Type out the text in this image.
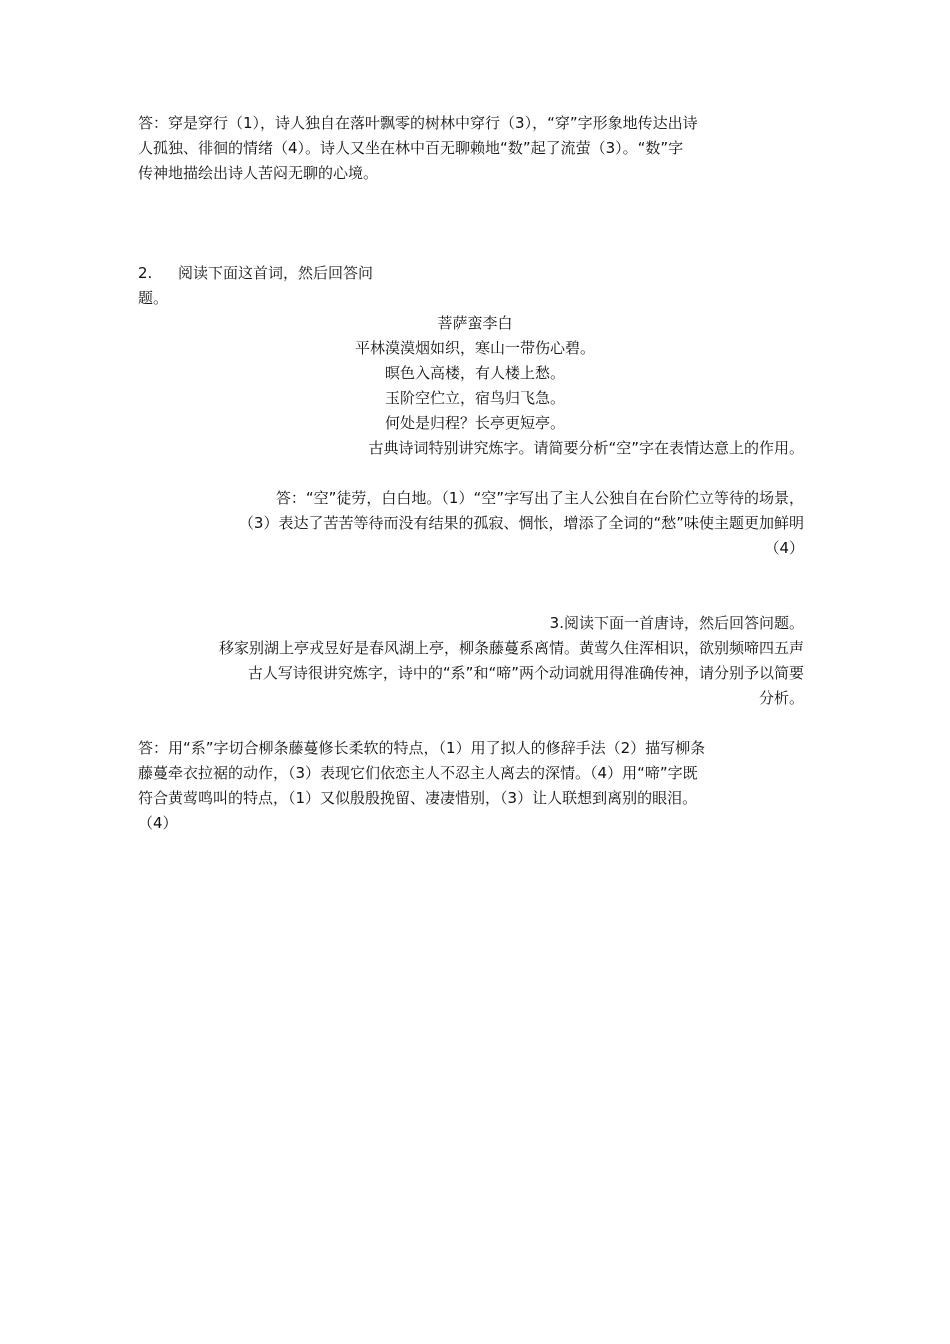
答：穿是穿行（1），诗人独自在落叶飘零的树林中穿行（3），“穿”字形象地传达出诗
人孤独、徘徊的情绪（4）。诗人又坐在林中百无聊赖地“数”起了流萤（3）。“数”字
传神地描绘出诗人苦闷无聊的心境。
2. 阅读下面这首词，然后回答问
题。
菩萨蛮李白
平林漠漠烟如织，寒山一带伤心碧。
暝色入高楼，有人楼上愁。
玉阶空伫立，宿鸟归飞急。
何处是归程？长亭更短亭。
古典诗词特别讲究炼字。请简要分析“空”字在表情达意上的作用。
答：“空”徒劳，白白地。（1）“空”字写出了主人公独自在台阶伫立等待的场景，
（3）表达了苦苦等待而没有结果的孤寂、惆怅，增添了全词的“愁”味使主题更加鲜明
（4）
3.阅读下面一首唐诗，然后回答问题。
移家别湖上亭戎昱好是春风湖上亭，柳条藤蔓系离情。黄莺久住浑相识，欲别频啼四五声
古人写诗很讲究炼字，诗中的“系”和“啼”两个动词就用得准确传神，请分别予以简要
分析。
答：用“系”字切合柳条藤蔓修长柔软的特点，（1）用了拟人的修辞手法（2）描写柳条
藤蔓牵衣拉裾的动作，（3）表现它们依恋主人不忍主人离去的深情。（4）用“啼”字既
符合黄莺鸣叫的特点，（1）又似殷殷挽留、凄凄惜别，（3）让人联想到离别的眼泪。
（4）
